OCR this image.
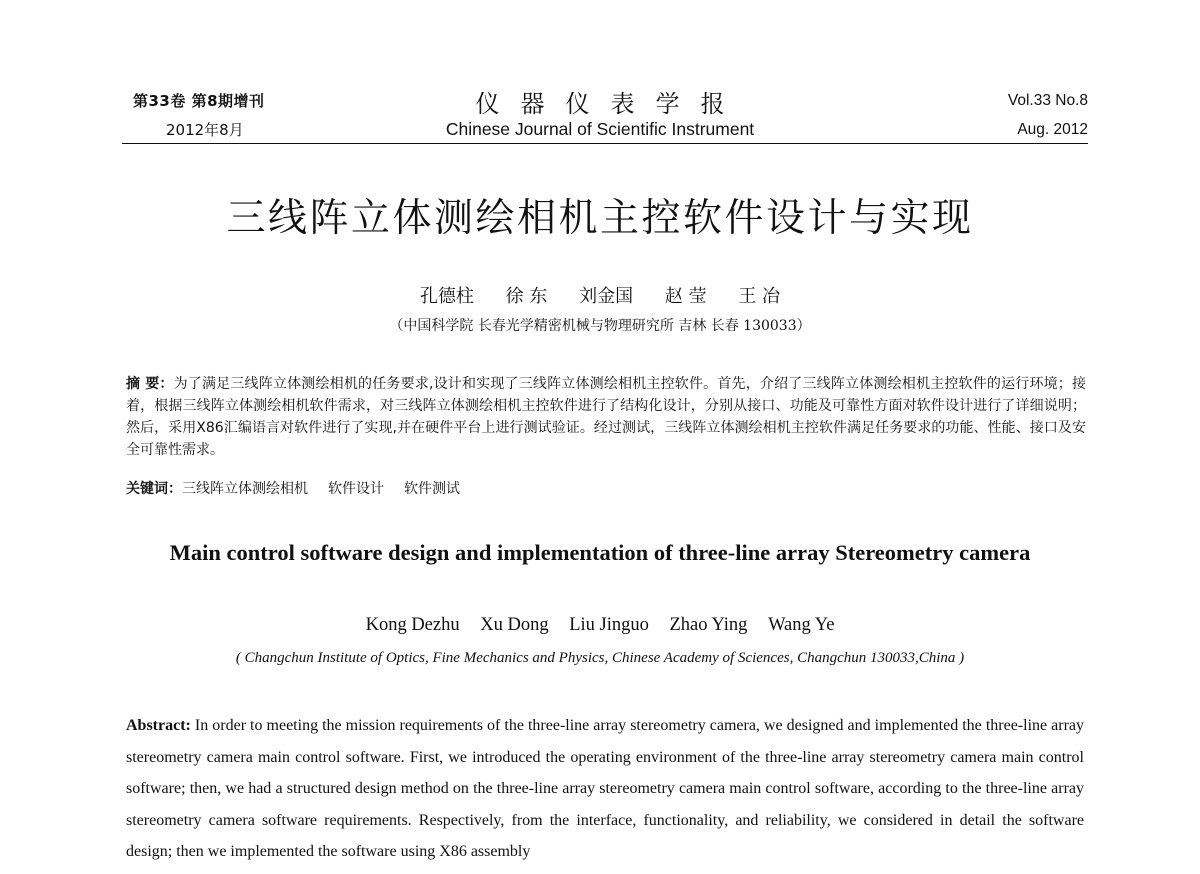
第33卷 第8期增刊
2012年8月
仪器仪表学报
Chinese Journal of Scientific Instrument
Vol.33 No.8
Aug. 2012
三线阵立体测绘相机主控软件设计与实现
孔德柱 徐 东 刘金国 赵 莹 王 冶
（中国科学院 长春光学精密机械与物理研究所 吉林 长春 130033）
摘 要：为了满足三线阵立体测绘相机的任务要求,设计和实现了三线阵立体测绘相机主控软件。首先，介绍了三线阵立体测绘相机主控软件的运行环境；接着，根据三线阵立体测绘相机软件需求，对三线阵立体测绘相机主控软件进行了结构化设计，分别从接口、功能及可靠性方面对软件设计进行了详细说明；然后，采用X86汇编语言对软件进行了实现,并在硬件平台上进行测试验证。经过测试，三线阵立体测绘相机主控软件满足任务要求的功能、性能、接口及安全可靠性需求。
关键词：三线阵立体测绘相机 软件设计 软件测试
Main control software design and implementation of three-line array Stereometry camera
Kong Dezhu Xu Dong Liu Jinguo Zhao Ying Wang Ye
( Changchun Institute of Optics, Fine Mechanics and Physics, Chinese Academy of Sciences, Changchun 130033,China )
Abstract: In order to meeting the mission requirements of the three-line array stereometry camera, we designed and implemented the three-line array stereometry camera main control software. First, we introduced the operating environment of the three-line array stereometry camera main control software; then, we had a structured design method on the three-line array stereometry camera main control software, according to the three-line array stereometry camera software requirements. Respectively, from the interface, functionality, and reliability, we considered in detail the software design; then we implemented the software using X86 assembly
